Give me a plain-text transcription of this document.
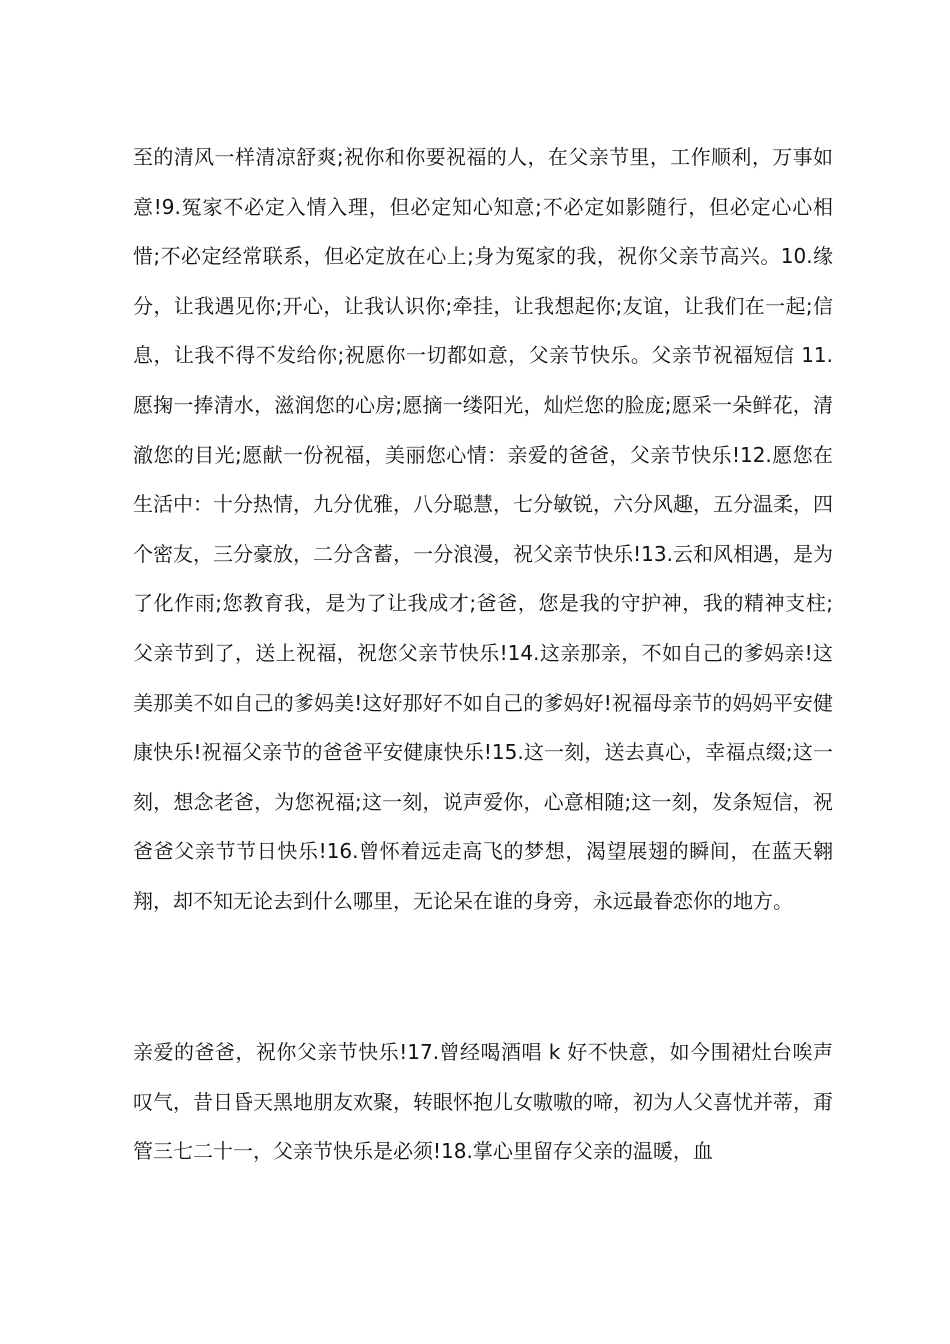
至的清风一样清凉舒爽;祝你和你要祝福的人，在父亲节里，工作顺利，万事如意!9.冤家不必定入情入理，但必定知心知意;不必定如影随行，但必定心心相惜;不必定经常联系，但必定放在心上;身为冤家的我，祝你父亲节高兴。10.缘分，让我遇见你;开心，让我认识你;牵挂，让我想起你;友谊，让我们在一起;信息，让我不得不发给你;祝愿你一切都如意，父亲节快乐。父亲节祝福短信 11.愿掬一捧清水，滋润您的心房;愿摘一缕阳光，灿烂您的脸庞;愿采一朵鲜花，清澈您的目光;愿献一份祝福，美丽您心情：亲爱的爸爸，父亲节快乐!12.愿您在生活中：十分热情，九分优雅，八分聪慧，七分敏锐，六分风趣，五分温柔，四个密友，三分豪放，二分含蓄，一分浪漫，祝父亲节快乐!13.云和风相遇，是为了化作雨;您教育我，是为了让我成才;爸爸，您是我的守护神，我的精神支柱;父亲节到了，送上祝福，祝您父亲节快乐!14.这亲那亲，不如自己的爹妈亲!这美那美不如自己的爹妈美!这好那好不如自己的爹妈好!祝福母亲节的妈妈平安健康快乐!祝福父亲节的爸爸平安健康快乐!15.这一刻，送去真心，幸福点缀;这一刻，想念老爸，为您祝福;这一刻，说声爱你，心意相随;这一刻，发条短信，祝爸爸父亲节节日快乐!16.曾怀着远走高飞的梦想，渴望展翅的瞬间，在蓝天翱翔，却不知无论去到什么哪里，无论呆在谁的身旁，永远最眷恋你的地方。

亲爱的爸爸，祝你父亲节快乐!17.曾经喝酒唱 k 好不快意，如今围裙灶台唉声叹气，昔日昏天黑地朋友欢聚，转眼怀抱儿女嗷嗷的啼，初为人父喜忧并蒂，甭管三七二十一，父亲节快乐是必须!18.掌心里留存父亲的温暖，血
